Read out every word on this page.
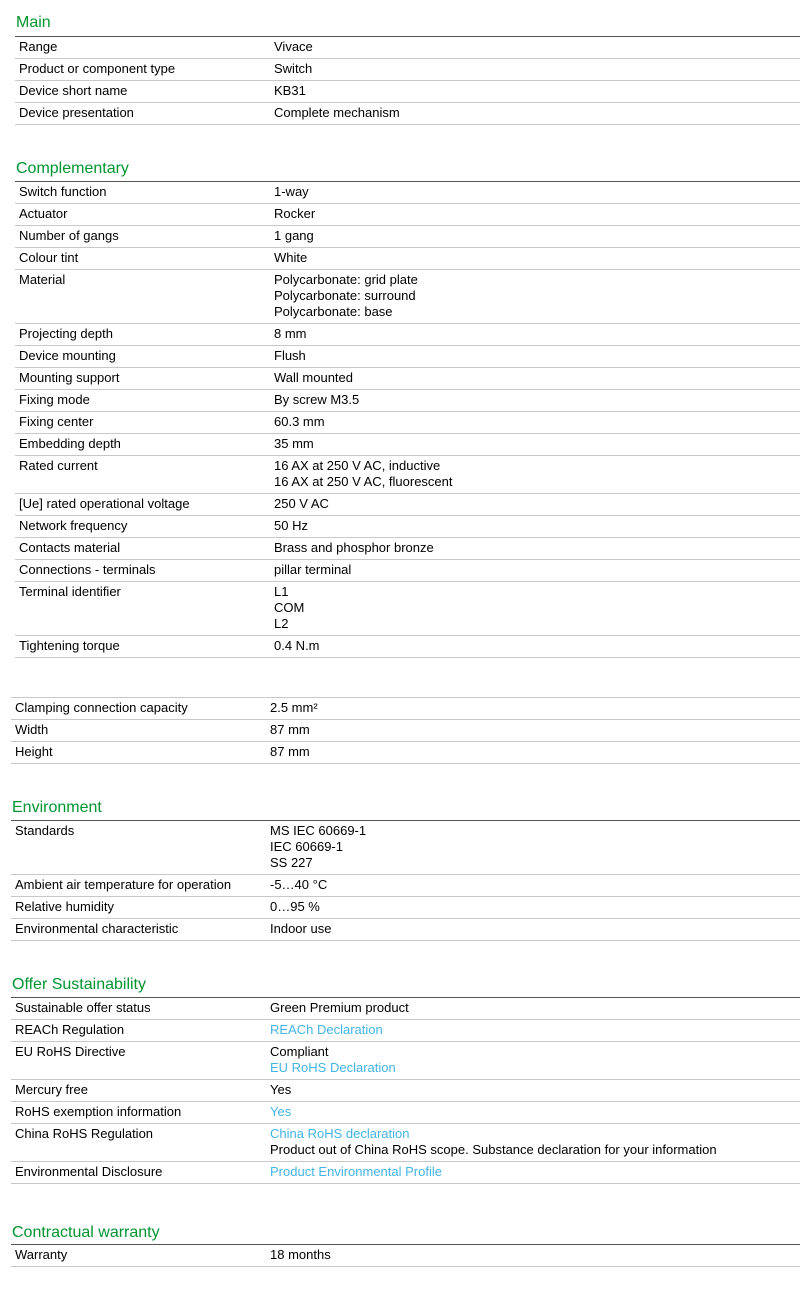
Main
Range	Vivace

Product or component type	Switch

Device short name	KB31

Device presentation	Complete mechanism
Complementary
Switch function	1-way

Actuator	Rocker

Number of gangs	1 gang

Colour tint	White

Material	Polycarbonate: grid plate
Polycarbonate: surround
Polycarbonate: base

Projecting depth	8 mm

Device mounting	Flush

Mounting support	Wall mounted

Fixing mode	By screw M3.5

Fixing center	60.3 mm

Embedding depth	35 mm

Rated current	16 AX at 250 V AC, inductive
16 AX at 250 V AC, fluorescent

[Ue] rated operational voltage	250 V AC

Network frequency	50 Hz

Contacts material	Brass and phosphor bronze

Connections - terminals	pillar terminal

Terminal identifier	L1
COM
L2

Tightening torque	0.4 N.m
Clamping connection capacity	2.5 mm²

Width	87 mm

Height	87 mm
Environment
Standards	MS IEC 60669-1
IEC 60669-1
SS 227

Ambient air temperature for operation	-5…40 °C

Relative humidity	0…95 %

Environmental characteristic	Indoor use
Offer Sustainability
Sustainable offer status	Green Premium product

REACh Regulation	REACh Declaration

EU RoHS Directive	Compliant
EU RoHS Declaration

Mercury free	Yes

RoHS exemption information	Yes

China RoHS Regulation	China RoHS declaration
Product out of China RoHS scope. Substance declaration for your information

Environmental Disclosure	Product Environmental Profile
Contractual warranty
Warranty	18 months
